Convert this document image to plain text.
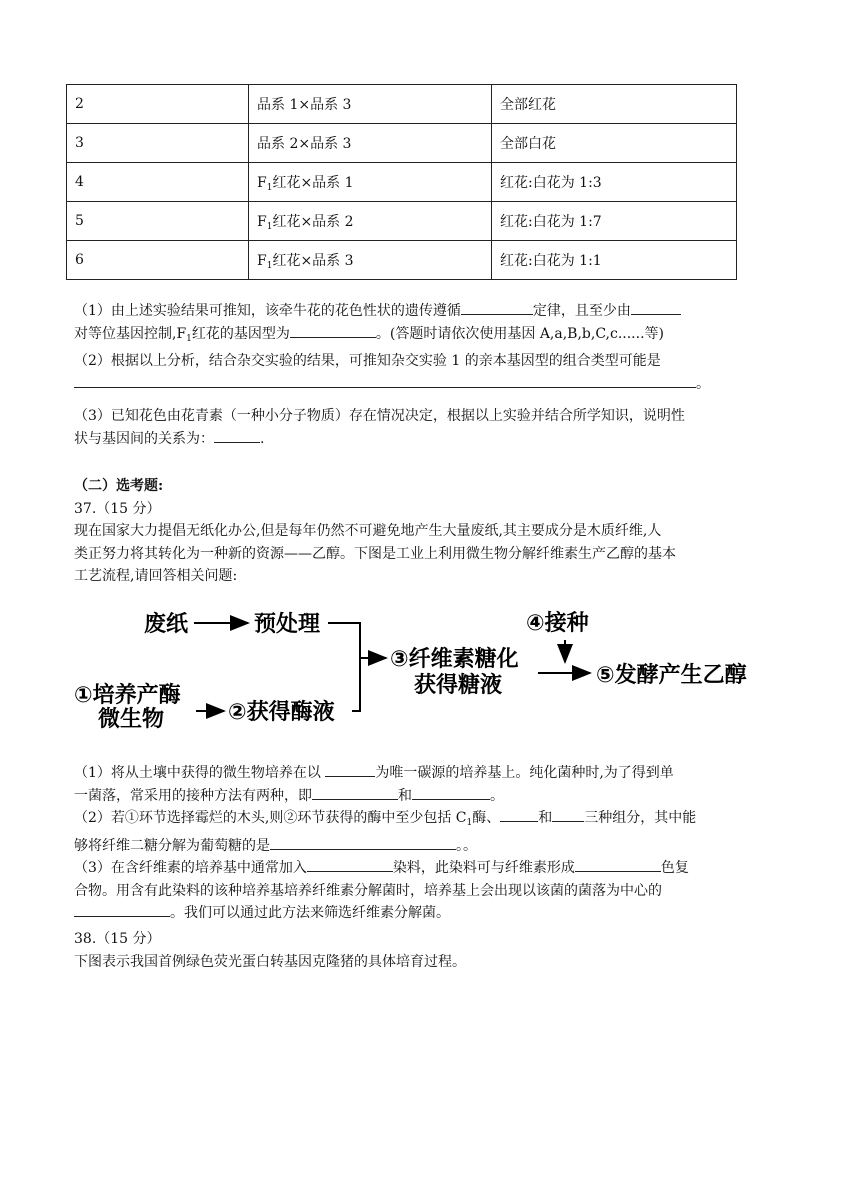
2	品系 1×品系 3	全部红花
3	品系 2×品系 3	全部白花
4	$F_1$红花×品系 1	红花:白花为 1:3
5	$F_1$红花×品系 2	红花:白花为 1:7
6	$F_1$红花×品系 3	红花:白花为 1:1

（1）由上述实验结果可推知，该牵牛花的花色性状的遗传遵循	定律，且至少由

对等位基因控制$,F_1$红花的基因型为	。(答题时请依次使用基因 A,a,B,b,C,c......等)

（2）根据以上分析，结合杂交实验的结果，可推知杂交实验 1 的亲本基因型的组合类型可能是

。

（3）已知花色由花青素（一种小分子物质）存在情况决定，根据以上实验并结合所学知识，说明性

状与基因间的关系为：	.

（二）选考题:

37.（15 分）

现在国家大力提倡无纸化办公,但是每年仍然不可避免地产生大量废纸,其主要成分是木质纤维,人

类正努力将其转化为一种新的资源——乙醇。下图是工业上利用微生物分解纤维素生产乙醇的基本

工艺流程,请回答相关问题:

废纸	预处理
①培养产酶
微生物	②获得酶液
③纤维素糖化
获得糖液
④接种
⑤发酵产生乙醇

（1）将从土壤中获得的微生物培养在以	为唯一碳源的培养基上。纯化菌种时,为了得到单

一菌落，常采用的接种方法有两种，即	和	。

（2）若①环节选择霉烂的木头,则②环节获得的酶中至少包括 $C_1$酶、	和 三种组分，其中能

够将纤维二糖分解为葡萄糖的是	。。

（3）在含纤维素的培养基中通常加入	染料，此染料可与纤维素形成	色复

合物。用含有此染料的该种培养基培养纤维素分解菌时，培养基上会出现以该菌的菌落为中心的

。我们可以通过此方法来筛选纤维素分解菌。

38.（15 分）

下图表示我国首例绿色荧光蛋白转基因克隆猪的具体培育过程。
